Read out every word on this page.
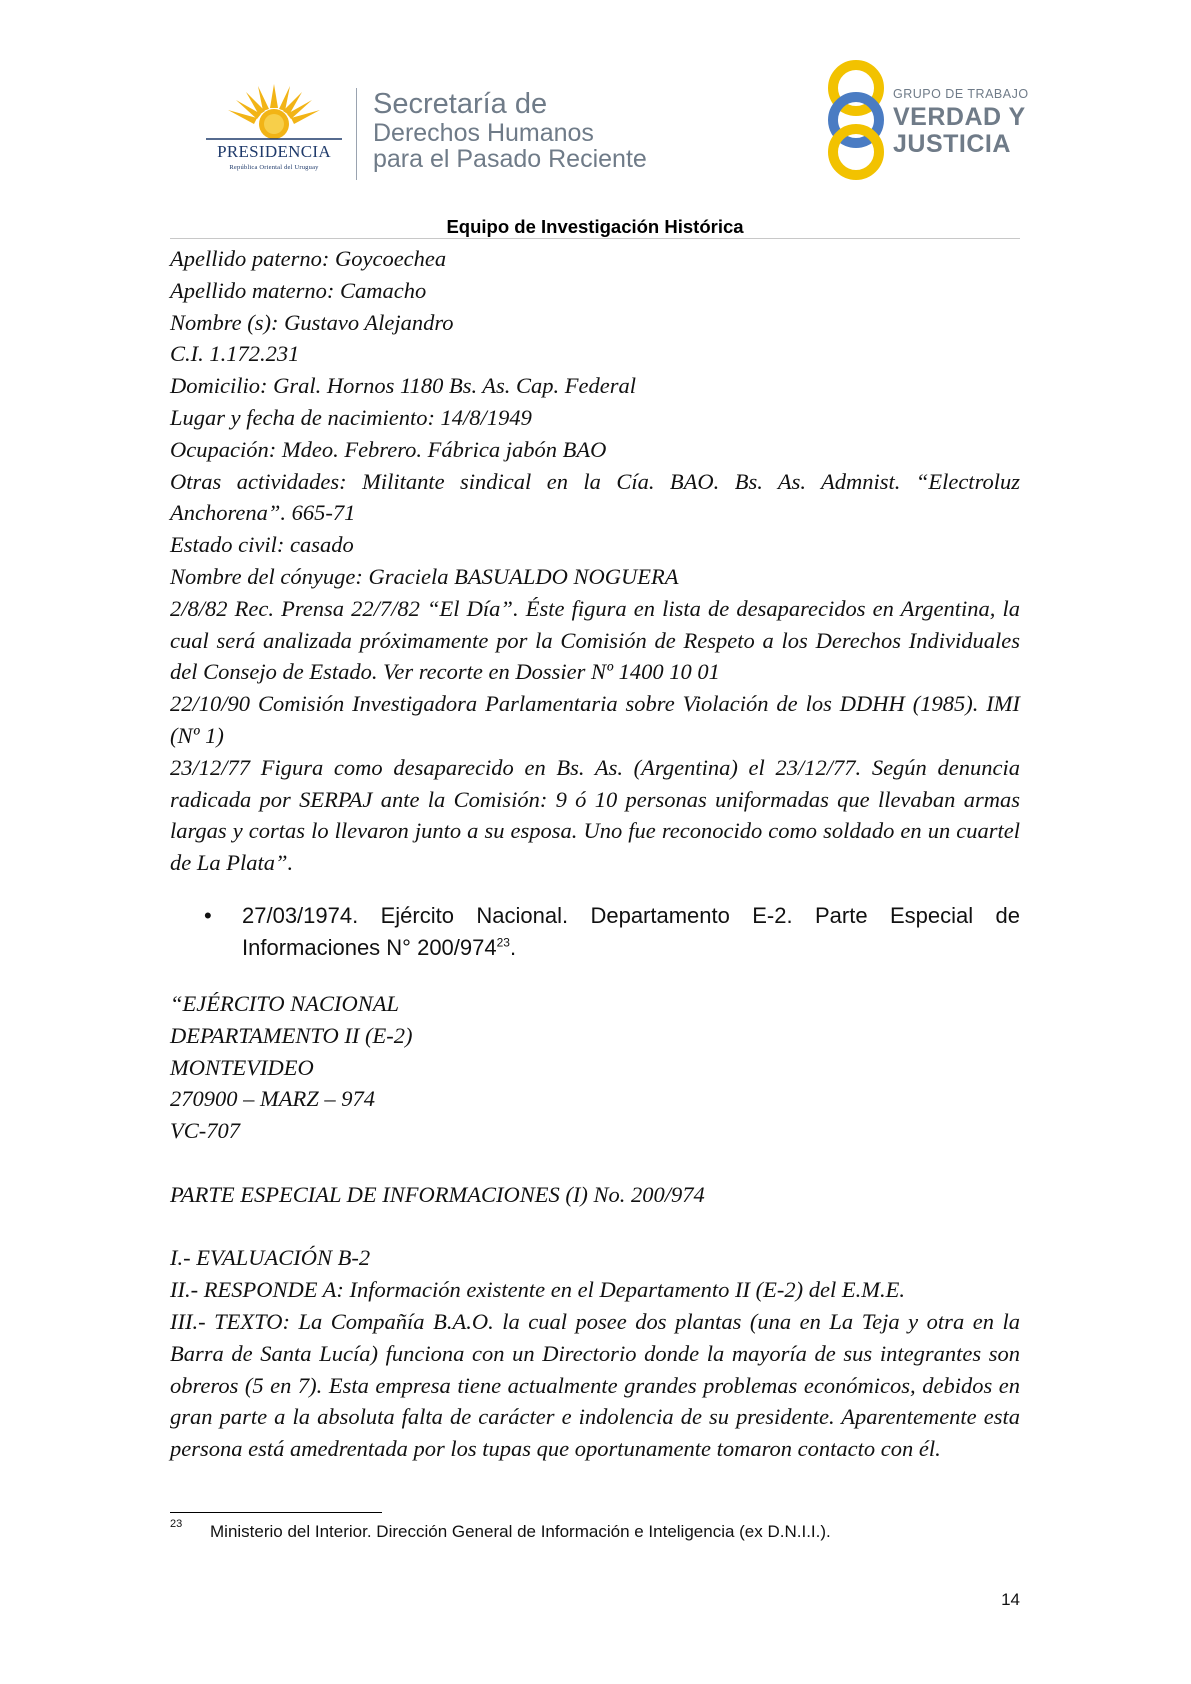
PRESIDENCIA
República Oriental del Uruguay
Secretaría de
Derechos Humanos
para el Pasado Reciente
GRUPO DE TRABAJO
VERDAD Y
JUSTICIA
Equipo de Investigación Histórica

Apellido paterno: Goycoechea

Apellido materno: Camacho

Nombre (s): Gustavo Alejandro

C.I. 1.172.231

Domicilio: Gral. Hornos 1180 Bs. As. Cap. Federal

Lugar y fecha de nacimiento: 14/8/1949

Ocupación: Mdeo. Febrero. Fábrica jabón BAO

Otras actividades: Militante sindical en la Cía. BAO. Bs. As. Admnist. “Electroluz Anchorena”. 665-71

Estado civil: casado

Nombre del cónyuge: Graciela BASUALDO NOGUERA

2/8/82 Rec. Prensa 22/7/82 “El Día”. Éste figura en lista de desaparecidos en Argentina, la cual será analizada próximamente por la Comisión de Respeto a los Derechos Individuales del Consejo de Estado. Ver recorte en Dossier Nº 1400 10 01

22/10/90 Comisión Investigadora Parlamentaria sobre Violación de los DDHH (1985). IMI (Nº 1)

23/12/77 Figura como desaparecido en Bs. As. (Argentina) el 23/12/77. Según denuncia radicada por SERPAJ ante la Comisión: 9 ó 10 personas uniformadas que llevaban armas largas y cortas lo llevaron junto a su esposa. Uno fue reconocido como soldado en un cuartel de La Plata”.

• 27/03/1974. Ejército Nacional. Departamento E-2. Parte Especial de Informaciones N° $200/974^{23}$.

“EJÉRCITO NACIONAL

DEPARTAMENTO II (E-2)

MONTEVIDEO

270900 – MARZ – 974

VC-707

PARTE ESPECIAL DE INFORMACIONES (I) No. 200/974

I.- EVALUACIÓN B-2

II.- RESPONDE A: Información existente en el Departamento II (E-2) del E.M.E.

III.- TEXTO: La Compañía B.A.O. la cual posee dos plantas (una en La Teja y otra en la Barra de Santa Lucía) funciona con un Directorio donde la mayoría de sus integrantes son obreros (5 en 7). Esta empresa tiene actualmente grandes problemas económicos, debidos en gran parte a la absoluta falta de carácter e indolencia de su presidente. Aparentemente esta persona está amedrentada por los tupas que oportunamente tomaron contacto con él.

23 Ministerio del Interior. Dirección General de Información e Inteligencia (ex D.N.I.I.).
14
